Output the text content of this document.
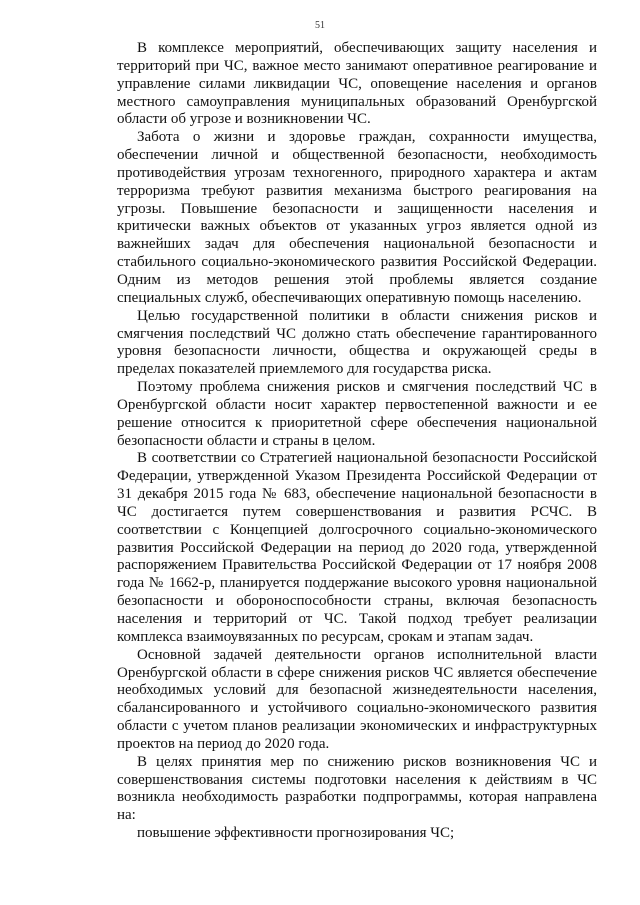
51

В комплексе мероприятий, обеспечивающих защиту населения и территорий при ЧС, важное место занимают оперативное реагирование и управление силами ликвидации ЧС, оповещение населения и органов местного самоуправления муниципальных образований Оренбургской области об угрозе и возникновении ЧС.

Забота о жизни и здоровье граждан, сохранности имущества, обеспечении личной и общественной безопасности, необходимость противодействия угрозам техногенного, природного характера и актам терроризма требуют развития механизма быстрого реагирования на угрозы. Повышение безопасности и защищенности населения и критически важных объектов от указанных угроз является одной из важнейших задач для обеспечения национальной безопасности и стабильного социально-экономического развития Российской Федерации. Одним из методов решения этой проблемы является создание специальных служб, обеспечивающих оперативную помощь населению.

Целью государственной политики в области снижения рисков и смягчения последствий ЧС должно стать обеспечение гарантированного уровня безопасности личности, общества и окружающей среды в пределах показателей приемлемого для государства риска.

Поэтому проблема снижения рисков и смягчения последствий ЧС в Оренбургской области носит характер первостепенной важности и ее решение относится к приоритетной сфере обеспечения национальной безопасности области и страны в целом.

В соответствии со Стратегией национальной безопасности Российской Федерации, утвержденной Указом Президента Российской Федерации от 31 декабря 2015 года № 683, обеспечение национальной безопасности в ЧС достигается путем совершенствования и развития РСЧС. В соответствии с Концепцией долгосрочного социально-экономического развития Российской Федерации на период до 2020 года, утвержденной распоряжением Правительства Российской Федерации от 17 ноября 2008 года № 1662-р, планируется поддержание высокого уровня национальной безопасности и обороноспособности страны, включая безопасность населения и территорий от ЧС. Такой подход требует реализации комплекса взаимоувязанных по ресурсам, срокам и этапам задач.

Основной задачей деятельности органов исполнительной власти Оренбургской области в сфере снижения рисков ЧС является обеспечение необходимых условий для безопасной жизнедеятельности населения, сбалансированного и устойчивого социально-экономического развития области с учетом планов реализации экономических и инфраструктурных проектов на период до 2020 года.

В целях принятия мер по снижению рисков возникновения ЧС и совершенствования системы подготовки населения к действиям в ЧС возникла необходимость разработки подпрограммы, которая направлена на:

повышение эффективности прогнозирования ЧС;
